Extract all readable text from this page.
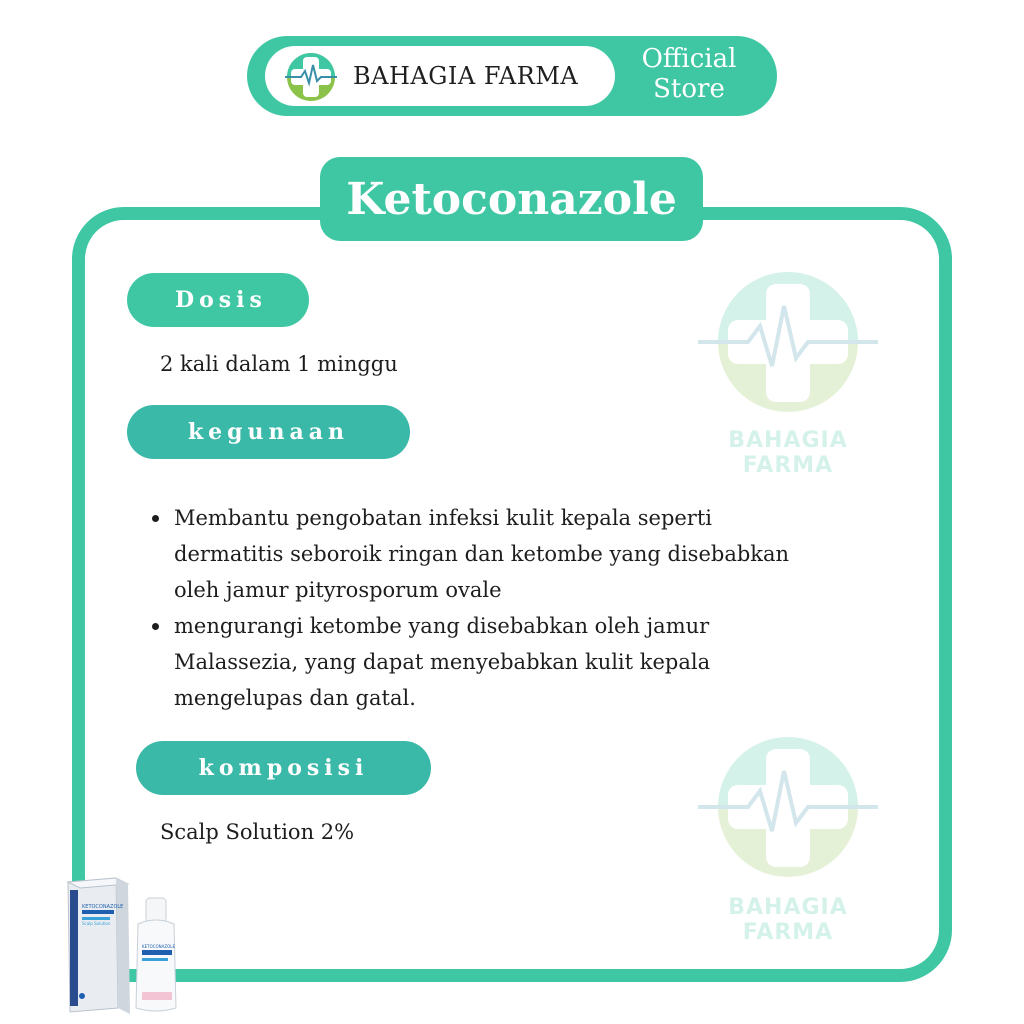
BAHAGIA FARMA
Official
Store
Ketoconazole
BAHAGIA FARMA
BAHAGIA FARMA
Dosis
2 kali dalam 1 minggu
kegunaan
Membantu pengobatan infeksi kulit kepala seperti
dermatitis seboroik ringan dan ketombe yang disebabkan
oleh jamur pityrosporum ovale
mengurangi ketombe yang disebabkan oleh jamur
Malassezia, yang dapat menyebabkan kulit kepala
mengelupas dan gatal.
komposisi
Scalp Solution 2%
KETOCONAZOLE
Scalp Solution
KETOCONAZOLE
